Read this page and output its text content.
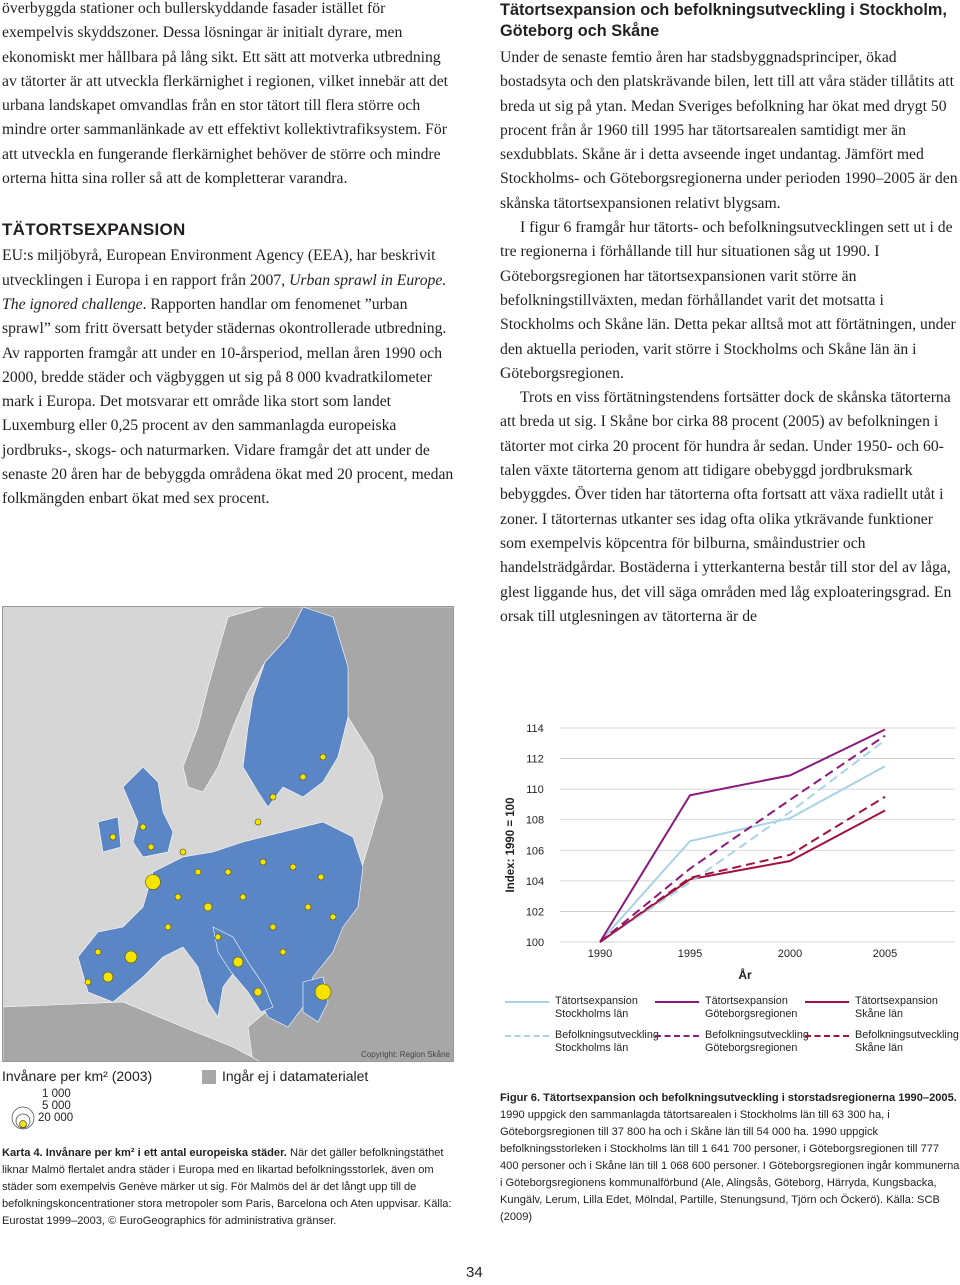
överbyggda stationer och bullerskyddande fasader istället för exempelvis skyddszoner. Dessa lösningar är initialt dyrare, men ekonomiskt mer hållbara på lång sikt. Ett sätt att motverka utbredning av tätorter är att utveckla flerkärnighet i regionen, vilket innebär att det urbana landskapet omvandlas från en stor tätort till flera större och mindre orter sammanlänkade av ett effektivt kollektivtrafiksystem. För att utveckla en fungerande flerkärnighet behöver de större och mindre orterna hitta sina roller så att de kompletterar varandra.

TÄTORTSEXPANSION

EU:s miljöbyrå, European Environment Agency (EEA), har beskrivit utvecklingen i Europa i en rapport från 2007, Urban sprawl in Europe. The ignored challenge. Rapporten handlar om fenomenet ”urban sprawl” som fritt översatt betyder städernas okontrollerade utbredning. Av rapporten framgår att under en 10-årsperiod, mellan åren 1990 och 2000, bredde städer och vägbyggen ut sig på 8 000 kvadratkilometer mark i Europa. Det motsvarar ett område lika stort som landet Luxemburg eller 0,25 procent av den sammanlagda europeiska jordbruks-, skogs- och naturmarken. Vidare framgår det att under de senaste 20 åren har de bebyggda områdena ökat med 20 procent, medan folkmängden enbart ökat med sex procent.

Tätortsexpansion och befolkningsutveckling i Stockholm, Göteborg och Skåne

Under de senaste femtio åren har stadsbyggnadsprinciper, ökad bostadsyta och den platskrävande bilen, lett till att våra städer tillåtits att breda ut sig på ytan. Medan Sveriges befolkning har ökat med drygt 50 procent från år 1960 till 1995 har tätortsarealen samtidigt mer än sexdubblats. Skåne är i detta avseende inget undantag. Jämfört med Stockholms- och Göteborgsregionerna under perioden 1990–2005 är den skånska tätortsexpansionen relativt blygsam.

I figur 6 framgår hur tätorts- och befolkningsutvecklingen sett ut i de tre regionerna i förhållande till hur situationen såg ut 1990. I Göteborgsregionen har tätortsexpansionen varit större än befolkningstillväxten, medan förhållandet varit det motsatta i Stockholms och Skåne län. Detta pekar alltså mot att förtätningen, under den aktuella perioden, varit större i Stockholms och Skåne län än i Göteborgsregionen.

Trots en viss förtätningstendens fortsätter dock de skånska tätorterna att breda ut sig. I Skåne bor cirka 88 procent (2005) av befolkningen i tätorter mot cirka 20 procent för hundra år sedan. Under 1950- och 60-talen växte tätorterna genom att tidigare obebyggd jordbruksmark bebyggdes. Över tiden har tätorterna ofta fortsatt att växa radiellt utåt i zoner. I tätorternas utkanter ses idag ofta olika ytkrävande funktioner som exempelvis köpcentra för bilburna, småindustrier och handelsträdgårdar. Bostäderna i ytterkanterna består till stor del av låga, glest liggande hus, det vill säga områden med låg exploateringsgrad. En orsak till utglesningen av tätorterna är de

Copyright: Region Skåne
Invånare per km² (2003)	Ingår ej i datamaterialet
1 000
5 000
20 000
Karta 4. Invånare per km² i ett antal europeiska städer. När det gäller befolkningstäthet liknar Malmö flertalet andra städer i Europa med en likartad befolkningsstorlek, även om städer som exempelvis Genève märker ut sig. För Malmös del är det långt upp till de befolkningskoncentrationer stora metropoler som Paris, Barcelona och Aten uppvisar. Källa: Eurostat 1999–2003, © EuroGeographics för administrativa gränser.
100
102
104
106
108
110
112
114
1990	1995	2000	2005
År
Index: 1990 = 100
Tätortsexpansion
Stockholms län
Tätortsexpansion
Göteborgsregionen
Tätortsexpansion
Skåne län
Befolkningsutveckling
Stockholms län
Befolkningsutveckling
Göteborgsregionen
Befolkningsutveckling
Skåne län
Figur 6. Tätortsexpansion och befolkningsutveckling i storstadsregionerna 1990–2005. 1990 uppgick den sammanlagda tätortsarealen i Stockholms län till 63 300 ha, i Göteborgsregionen till 37 800 ha och i Skåne län till 54 000 ha. 1990 uppgick befolkningsstorleken i Stockholms län till 1 641 700 personer, i Göteborgsregionen till 777 400 personer och i Skåne län till 1 068 600 personer. I Göteborgsregionen ingår kommunerna i Göteborgsregionens kommunalförbund (Ale, Alingsås, Göteborg, Härryda, Kungsbacka, Kungälv, Lerum, Lilla Edet, Mölndal, Partille, Stenungsund, Tjörn och Öckerö). Källa: SCB (2009)
34
